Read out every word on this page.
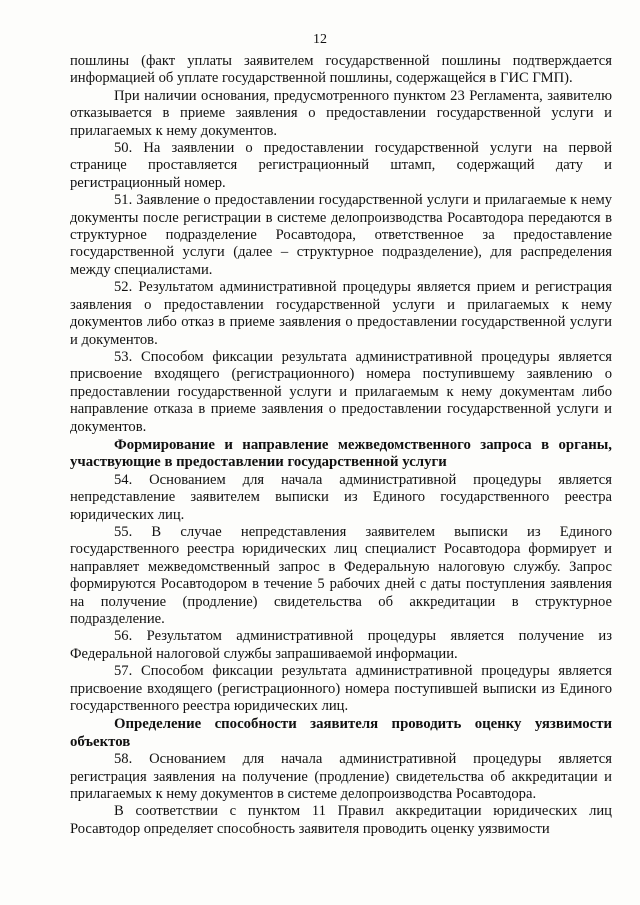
12

пошлины (факт уплаты заявителем государственной пошлины подтверждается информацией об уплате государственной пошлины, содержащейся в ГИС ГМП).

При наличии основания, предусмотренного пунктом 23 Регламента, заявителю отказывается в приеме заявления о предоставлении государственной услуги и прилагаемых к нему документов.

50. На заявлении о предоставлении государственной услуги на первой странице проставляется регистрационный штамп, содержащий дату и регистрационный номер.

51. Заявление о предоставлении государственной услуги и прилагаемые к нему документы после регистрации в системе делопроизводства Росавтодора передаются в структурное подразделение Росавтодора, ответственное за предоставление государственной услуги (далее – структурное подразделение), для распределения между специалистами.

52. Результатом административной процедуры является прием и регистрация заявления о предоставлении государственной услуги и прилагаемых к нему документов либо отказ в приеме заявления о предоставлении государственной услуги и документов.

53. Способом фиксации результата административной процедуры является присвоение входящего (регистрационного) номера поступившему заявлению о предоставлении государственной услуги и прилагаемым к нему документам либо направление отказа в приеме заявления о предоставлении государственной услуги и документов.

Формирование и направление межведомственного запроса в органы, участвующие в предоставлении государственной услуги

54. Основанием для начала административной процедуры является непредставление заявителем выписки из Единого государственного реестра юридических лиц.

55. В случае непредставления заявителем выписки из Единого государственного реестра юридических лиц специалист Росавтодора формирует и направляет межведомственный запрос в Федеральную налоговую службу. Запрос формируются Росавтодором в течение 5 рабочих дней с даты поступления заявления на получение (продление) свидетельства об аккредитации в структурное подразделение.

56. Результатом административной процедуры является получение из Федеральной налоговой службы запрашиваемой информации.

57. Способом фиксации результата административной процедуры является присвоение входящего (регистрационного) номера поступившей выписки из Единого государственного реестра юридических лиц.

Определение способности заявителя проводить оценку уязвимости объектов

58. Основанием для начала административной процедуры является регистрация заявления на получение (продление) свидетельства об аккредитации и прилагаемых к нему документов в системе делопроизводства Росавтодора.

В соответствии с пунктом 11 Правил аккредитации юридических лиц Росавтодор определяет способность заявителя проводить оценку уязвимости
